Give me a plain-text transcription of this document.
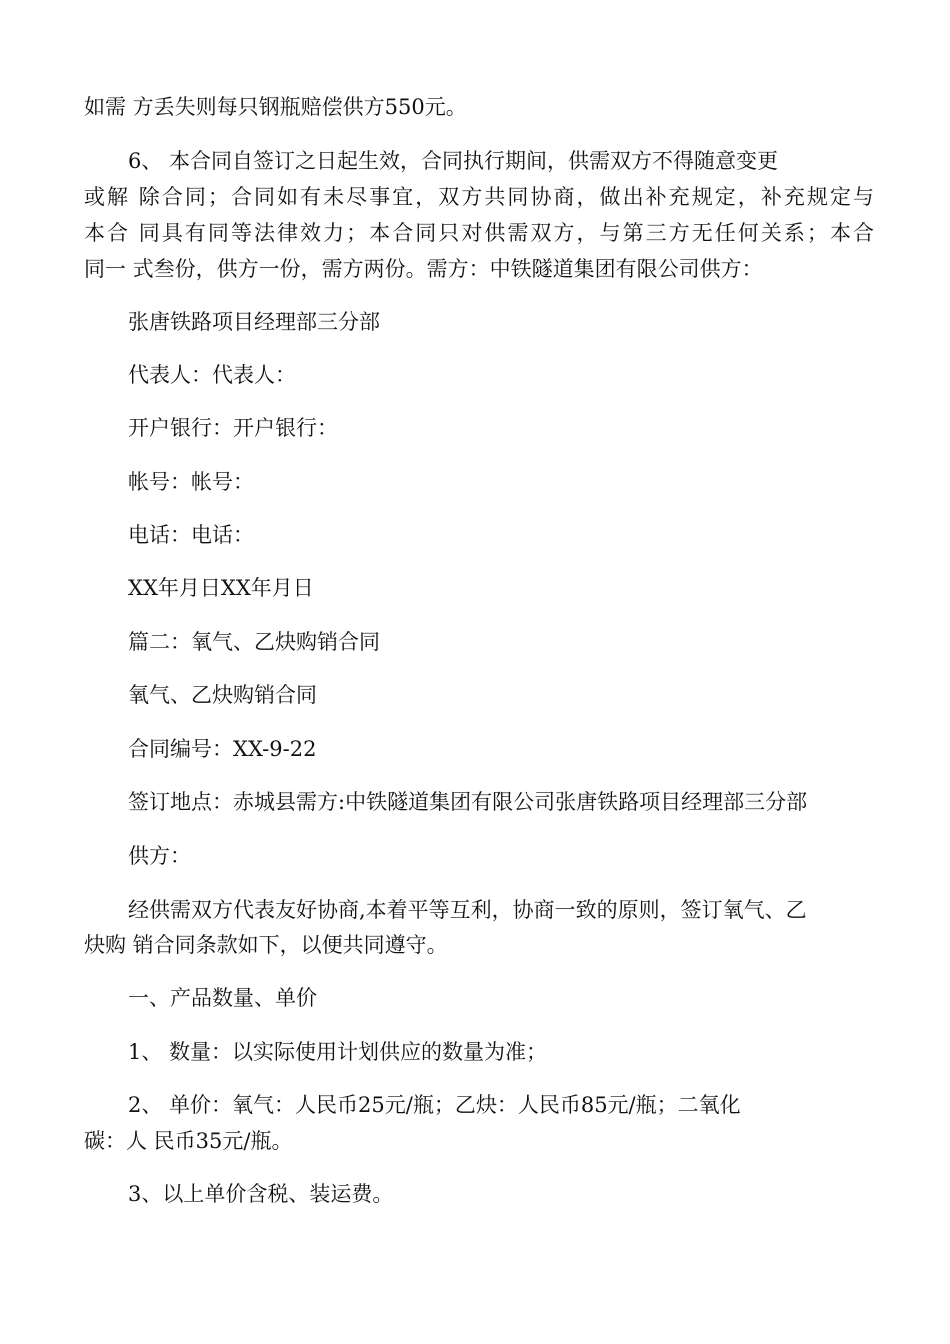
如需 方丢失则每只钢瓶赔偿供方550元。
6、 本合同自签订之日起生效，合同执行期间，供需双方不得随意变更
或解 除合同；合同如有未尽事宜，双方共同协商，做出补充规定，补充规定与
本合 同具有同等法律效力；本合同只对供需双方，与第三方无任何关系；本合
同一 式叁份，供方一份，需方两份。需方：中铁隧道集团有限公司供方：
张唐铁路项目经理部三分部
代表人：代表人：
开户银行：开户银行：
帐号：帐号：
电话：电话：
XX年月日XX年月日
篇二：氧气、乙炔购销合同
氧气、乙炔购销合同
合同编号：XX-9-22
签订地点：赤城县需方:中铁隧道集团有限公司张唐铁路项目经理部三分部
供方：
经供需双方代表友好协商,本着平等互利，协商一致的原则，签订氧气、乙
炔购 销合同条款如下，以便共同遵守。
一、产品数量、单价
1、 数量：以实际使用计划供应的数量为准；
2、 单价：氧气：人民币25元/瓶；乙炔：人民币85元/瓶；二氧化
碳：人 民币35元/瓶。
3、以上单价含税、装运费。
